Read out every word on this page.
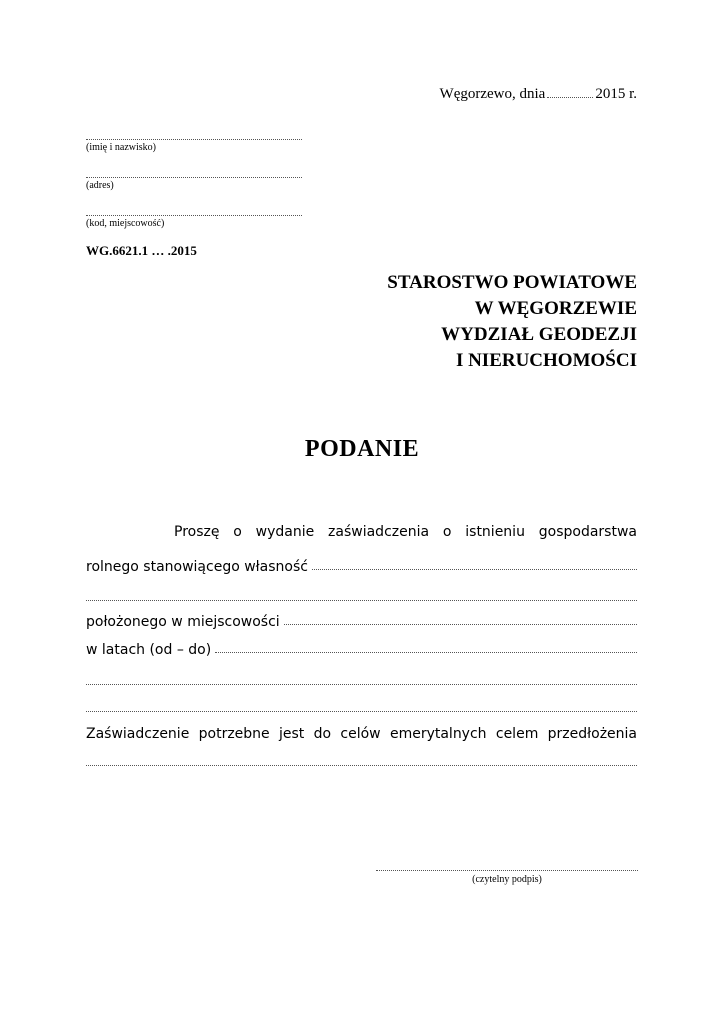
Węgorzewo, dnia	2015 r.
(imię i nazwisko)
(adres)
(kod, miejscowość)
WG.6621.1 … .2015
STAROSTWO POWIATOWE
W WĘGORZEWIE
WYDZIAŁ GEODEZJI
I NIERUCHOMOŚCI
PODANIE
Proszę o wydanie zaświadczenia o istnieniu gospodarstwa
rolnego stanowiącego własność
położonego w miejscowości
w latach (od – do)
Zaświadczenie potrzebne jest do celów emerytalnych celem przedłożenia
(czytelny podpis)
